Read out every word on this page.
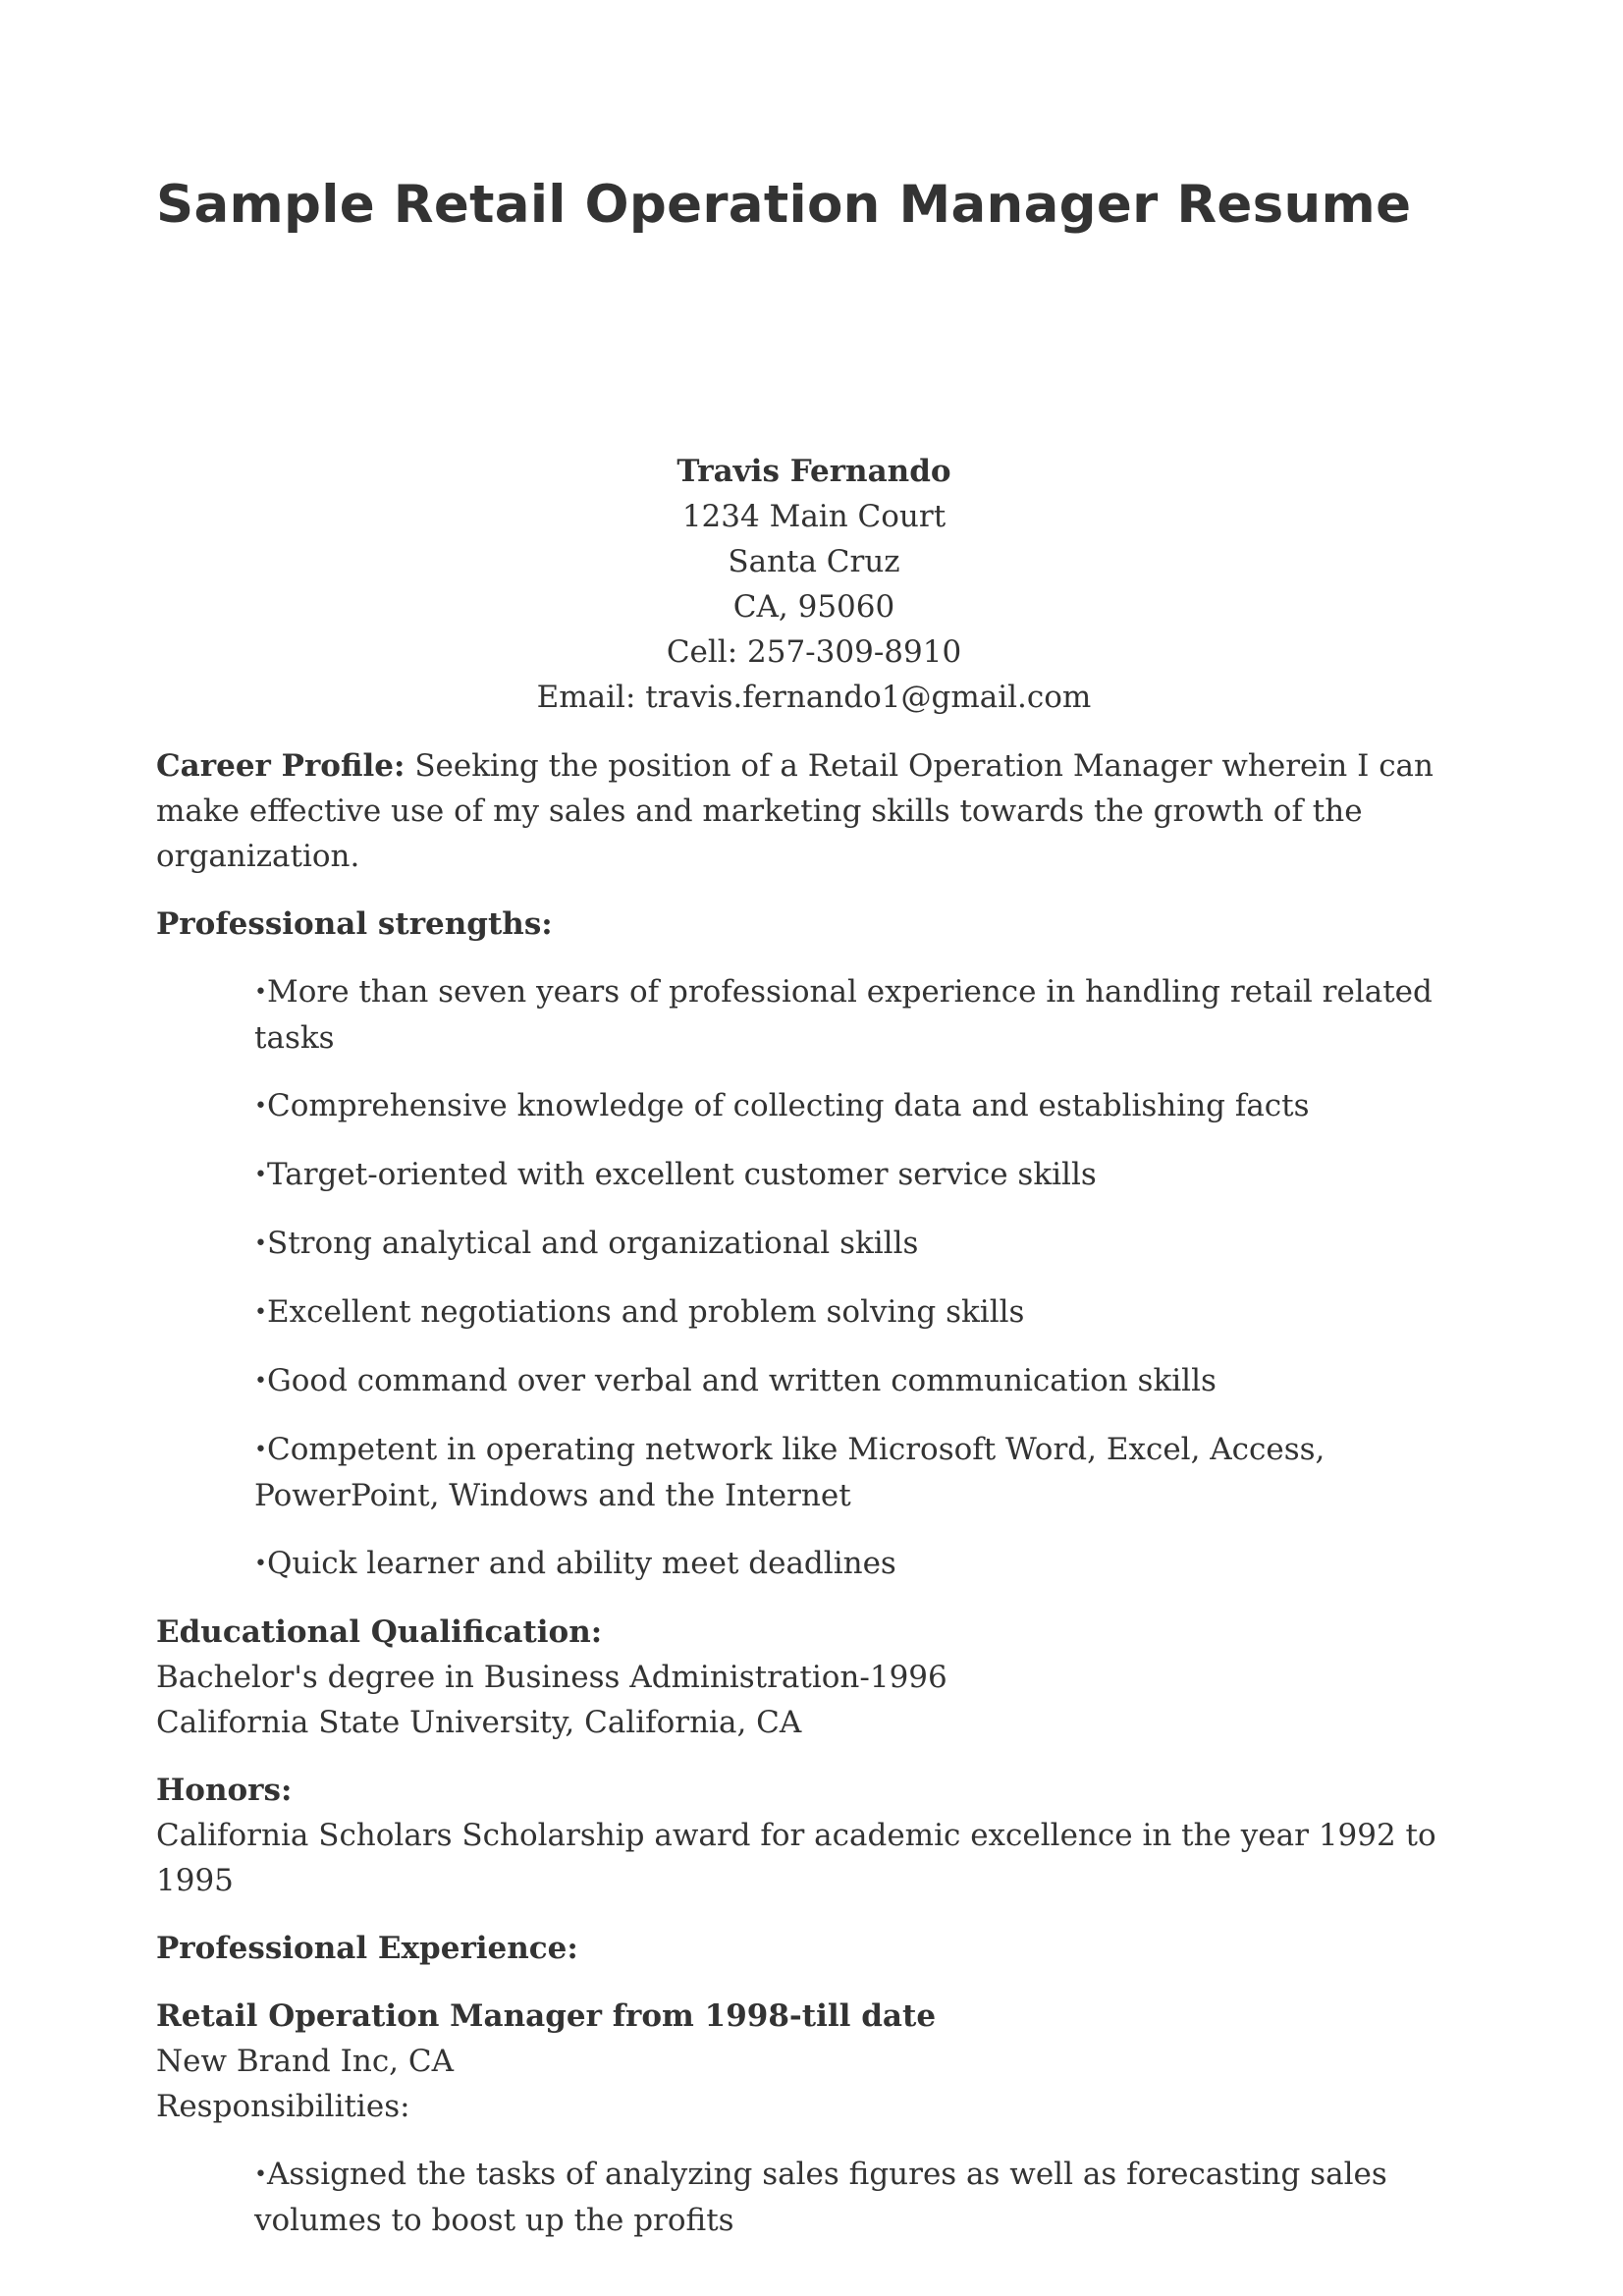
Sample Retail Operation Manager Resume
Travis Fernando
1234 Main Court
Santa Cruz
CA, 95060
Cell: 257-309-8910
Email: travis.fernando1@gmail.com

Career Profile: Seeking the position of a Retail Operation Manager wherein I can make effective use of my sales and marketing skills towards the growth of the organization.

Professional strengths:

•More than seven years of professional experience in handling retail related tasks
•Comprehensive knowledge of collecting data and establishing facts
•Target-oriented with excellent customer service skills
•Strong analytical and organizational skills
•Excellent negotiations and problem solving skills
•Good command over verbal and written communication skills
•Competent in operating network like Microsoft Word, Excel, Access, PowerPoint, Windows and the Internet
•Quick learner and ability meet deadlines
Educational Qualification:
Bachelor's degree in Business Administration-1996
California State University, California, CA
Honors:
California Scholars Scholarship award for academic excellence in the year 1992 to 1995

Professional Experience:

Retail Operation Manager from 1998-till date
New Brand Inc, CA
Responsibilities:
•Assigned the tasks of analyzing sales figures as well as forecasting sales volumes to boost up the profits
